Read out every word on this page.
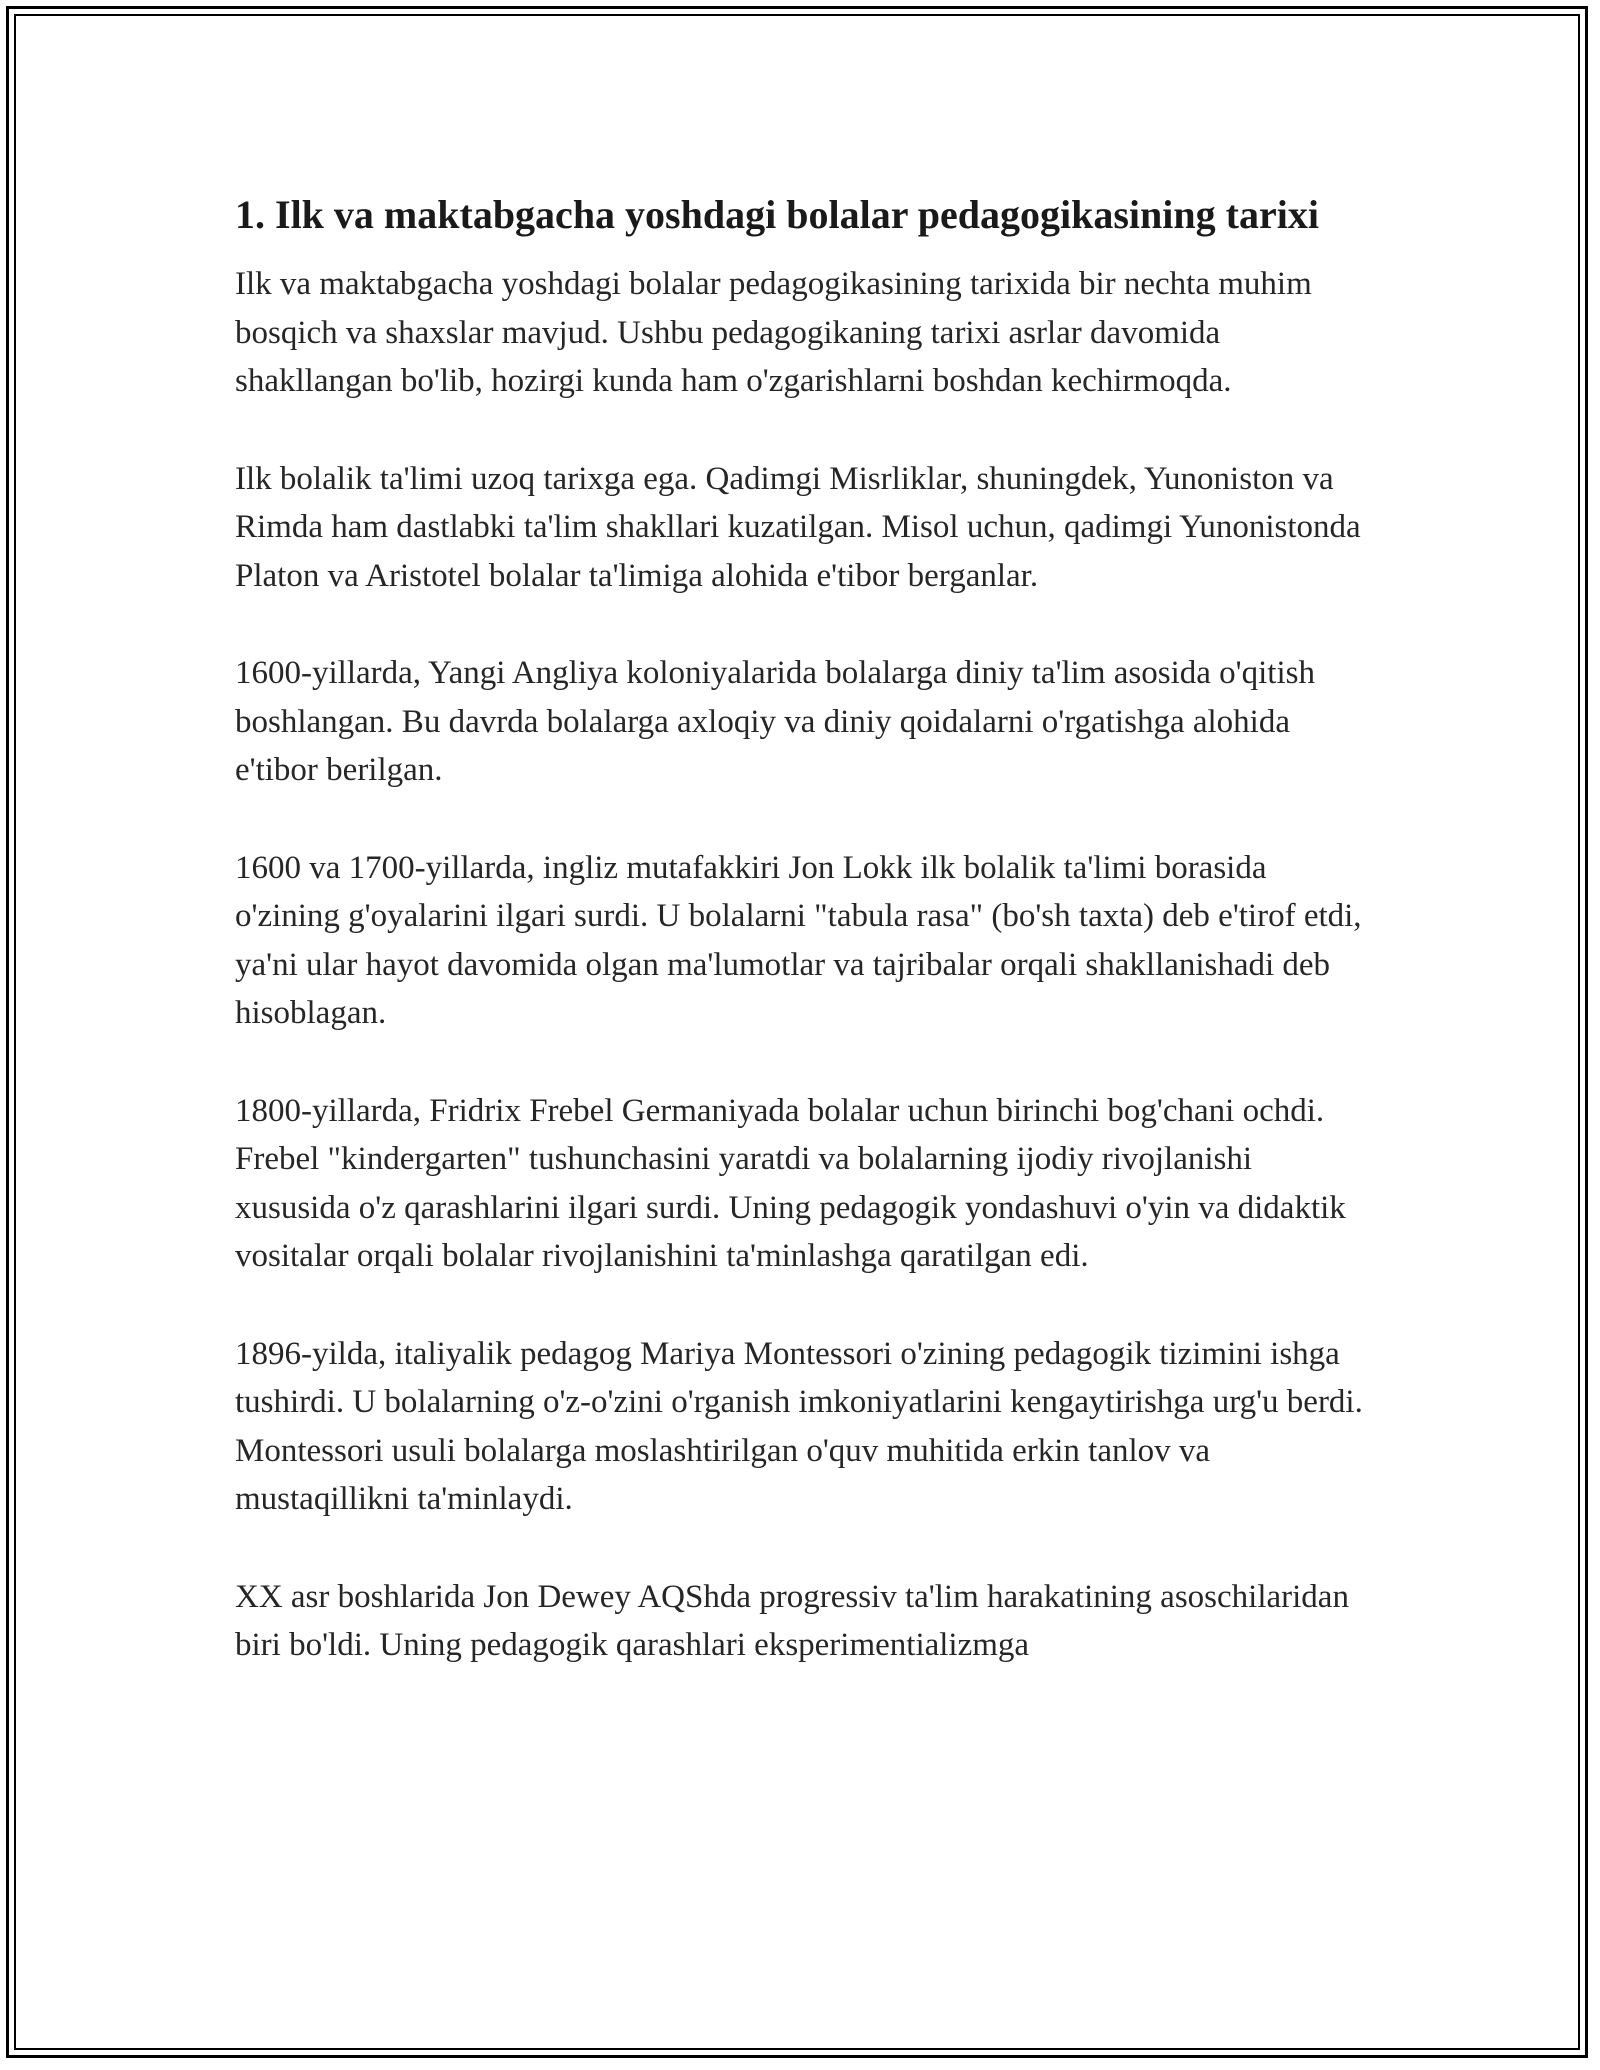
1. Ilk va maktabgacha yoshdagi bolalar pedagogikasining tarixi

Ilk va maktabgacha yoshdagi bolalar pedagogikasining tarixida bir nechta muhim bosqich va shaxslar mavjud. Ushbu pedagogikaning tarixi asrlar davomida shakllangan bo'lib, hozirgi kunda ham o'zgarishlarni boshdan kechirmoqda.

Ilk bolalik ta'limi uzoq tarixga ega. Qadimgi Misrliklar, shuningdek, Yunoniston va Rimda ham dastlabki ta'lim shakllari kuzatilgan. Misol uchun, qadimgi Yunonistonda Platon va Aristotel bolalar ta'limiga alohida e'tibor berganlar.

1600-yillarda, Yangi Angliya koloniyalarida bolalarga diniy ta'lim asosida o'qitish boshlangan. Bu davrda bolalarga axloqiy va diniy qoidalarni o'rgatishga alohida e'tibor berilgan.

1600 va 1700-yillarda, ingliz mutafakkiri Jon Lokk ilk bolalik ta'limi borasida o'zining g'oyalarini ilgari surdi. U bolalarni "tabula rasa" (bo'sh taxta) deb e'tirof etdi, ya'ni ular hayot davomida olgan ma'lumotlar va tajribalar orqali shakllanishadi deb hisoblagan.

1800-yillarda, Fridrix Frebel Germaniyada bolalar uchun birinchi bog'chani ochdi. Frebel "kindergarten" tushunchasini yaratdi va bolalarning ijodiy rivojlanishi xususida o'z qarashlarini ilgari surdi. Uning pedagogik yondashuvi o'yin va didaktik vositalar orqali bolalar rivojlanishini ta'minlashga qaratilgan edi.

1896-yilda, italiyalik pedagog Mariya Montessori o'zining pedagogik tizimini ishga tushirdi. U bolalarning o'z-o'zini o'rganish imkoniyatlarini kengaytirishga urg'u berdi. Montessori usuli bolalarga moslashtirilgan o'quv muhitida erkin tanlov va mustaqillikni ta'minlaydi.

XX asr boshlarida Jon Dewey AQShda progressiv ta'lim harakatining asoschilaridan biri bo'ldi. Uning pedagogik qarashlari eksperimentializmga
